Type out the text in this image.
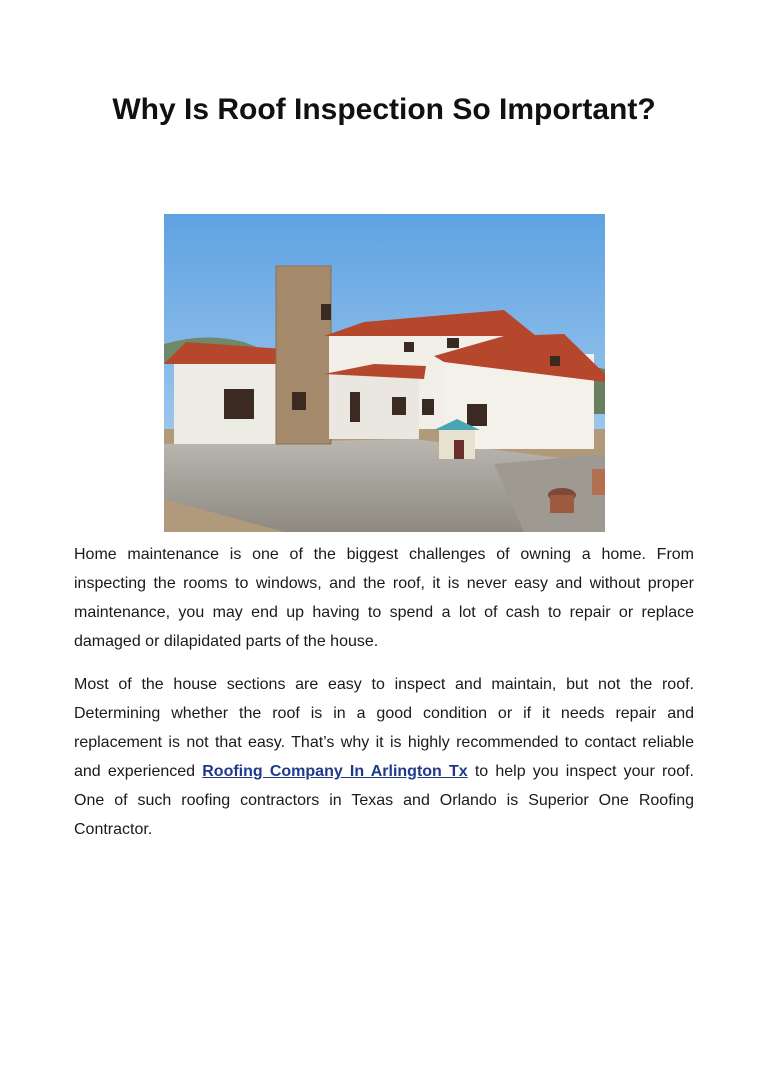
Why Is Roof Inspection So Important?

Home maintenance is one of the biggest challenges of owning a home. From inspecting the rooms to windows, and the roof, it is never easy and without proper maintenance, you may end up having to spend a lot of cash to repair or replace damaged or dilapidated parts of the house.

Most of the house sections are easy to inspect and maintain, but not the roof. Determining whether the roof is in a good condition or if it needs repair and replacement is not that easy. That’s why it is highly recommended to contact reliable and experienced Roofing Company In Arlington Tx to help you inspect your roof. One of such roofing contractors in Texas and Orlando is Superior One Roofing Contractor.
